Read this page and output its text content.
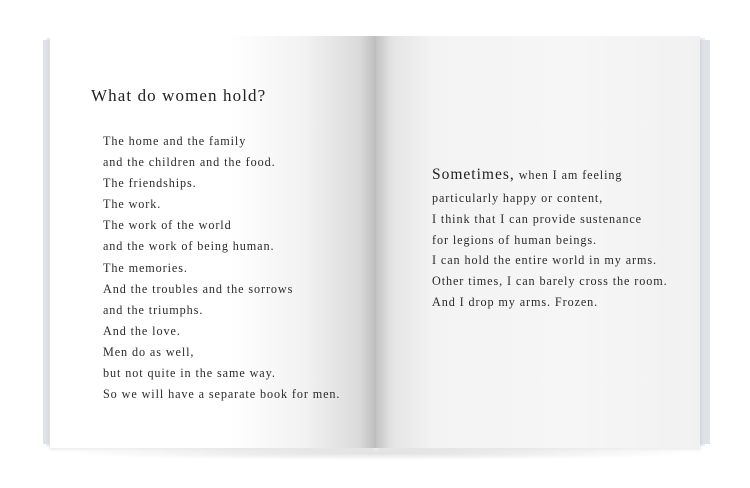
What do women hold?
The home and the family
and the children and the food.
The friendships.
The work.
The work of the world
and the work of being human.
The memories.
And the troubles and the sorrows
and the triumphs.
And the love.
Men do as well,
but not quite in the same way.
So we will have a separate book for men.
Sometimes, when I am feeling
particularly happy or content,
I think that I can provide sustenance
for legions of human beings.
I can hold the entire world in my arms.
Other times, I can barely cross the room.
And I drop my arms. Frozen.
